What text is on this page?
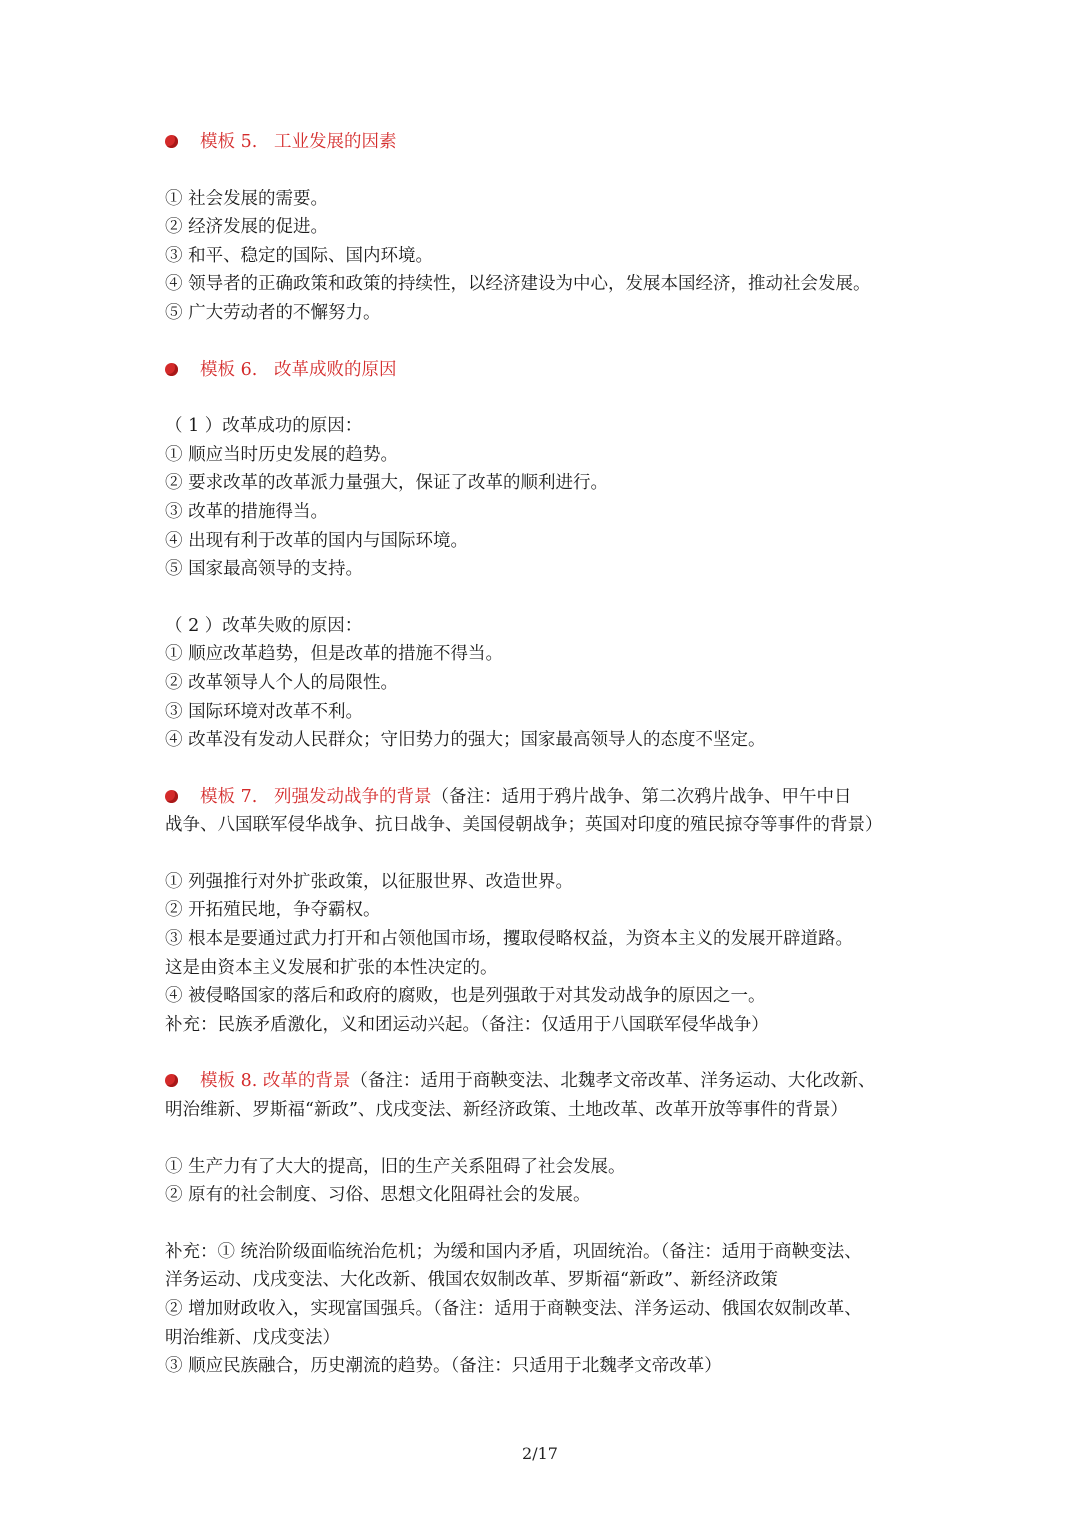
模板 5. 工业发展的因素
① 社会发展的需要。
② 经济发展的促进。
③ 和平、稳定的国际、国内环境。
④ 领导者的正确政策和政策的持续性，以经济建设为中心，发展本国经济，推动社会发展。
⑤ 广大劳动者的不懈努力。
模板 6. 改革成败的原因
（ 1 ）改革成功的原因：
① 顺应当时历史发展的趋势。
② 要求改革的改革派力量强大，保证了改革的顺利进行。
③ 改革的措施得当。
④ 出现有利于改革的国内与国际环境。
⑤ 国家最高领导的支持。
（ 2 ）改革失败的原因：
① 顺应改革趋势，但是改革的措施不得当。
② 改革领导人个人的局限性。
③ 国际环境对改革不利。
④ 改革没有发动人民群众；守旧势力的强大；国家最高领导人的态度不坚定。
模板 7. 列强发动战争的背景（备注：适用于鸦片战争、第二次鸦片战争、甲午中日
战争、八国联军侵华战争、抗日战争、美国侵朝战争；英国对印度的殖民掠夺等事件的背景）
① 列强推行对外扩张政策，以征服世界、改造世界。
② 开拓殖民地，争夺霸权。
③ 根本是要通过武力打开和占领他国市场，攫取侵略权益，为资本主义的发展开辟道路。
这是由资本主义发展和扩张的本性决定的。
④ 被侵略国家的落后和政府的腐败，也是列强敢于对其发动战争的原因之一。
补充：民族矛盾激化，义和团运动兴起。（备注：仅适用于八国联军侵华战争）
模板 8. 改革的背景（备注：适用于商鞅变法、北魏孝文帝改革、洋务运动、大化改新、
明治维新、罗斯福“新政”、戊戌变法、新经济政策、土地改革、改革开放等事件的背景）
① 生产力有了大大的提高，旧的生产关系阻碍了社会发展。
② 原有的社会制度、习俗、思想文化阻碍社会的发展。
补充：① 统治阶级面临统治危机；为缓和国内矛盾，巩固统治。（备注：适用于商鞅变法、
洋务运动、戊戌变法、大化改新、俄国农奴制改革、罗斯福“新政”、新经济政策
② 增加财政收入，实现富国强兵。（备注：适用于商鞅变法、洋务运动、俄国农奴制改革、
明治维新、戊戌变法）
③ 顺应民族融合，历史潮流的趋势。（备注：只适用于北魏孝文帝改革）
2/17
